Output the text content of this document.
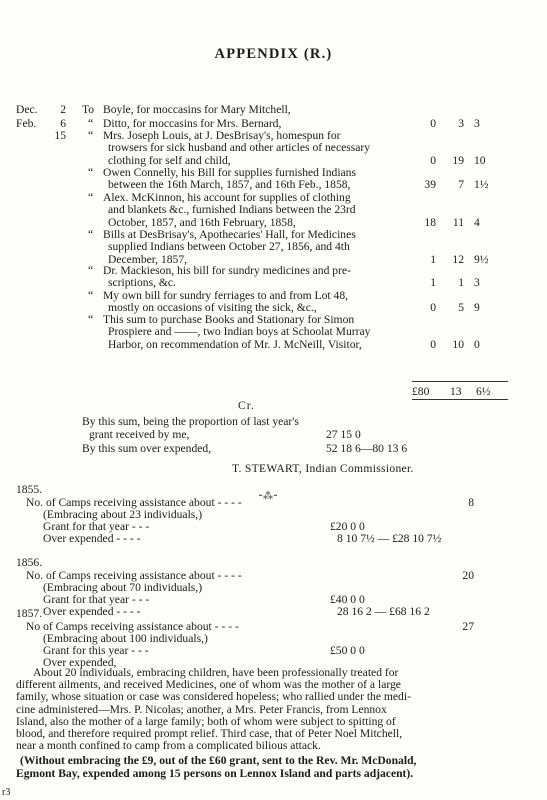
APPENDIX (R.)
Dec.	2 To Boyle, for moccasins for Mary Mitchell,
Feb.	6 “ Ditto, for moccasins for Mrs. Bernard,	0	3 3
15 “ Mrs. Joseph Louis, at J. DesBrisay's, homespun for
trowsers for sick husband and other articles of necessary
clothing for self and child,	0	19 10
“ Owen Connelly, his Bill for supplies furnished Indians
between the 16th March, 1857, and 16th Feb., 1858,	39	7 1½
“ Alex. McKinnon, his account for supplies of clothing
and blankets &c., furnished Indians between the 23rd
October, 1857, and 16th February, 1858,	18	11 4
“ Bills at DesBrisay's, Apothecaries' Hall, for Medicines
supplied Indians between October 27, 1856, and 4th
December, 1857,	1	12 9½
“ Dr. Mackieson, his bill for sundry medicines and pre-
scriptions, &c.	1	1 3
“ My own bill for sundry ferriages to and from Lot 48,
mostly on occasions of visiting the sick, &c.,	0	5 9
“ This sum to purchase Books and Stationary for Simon
Prospiere and ——, two Indian boys at Schoolat Murray
Harbor, on recommendation of Mr. J. McNeill, Visitor,	0	10 0
£80 13 6½
Cr.
By this sum, being the proportion of last year's
grant received by me,	27 15 0
By this sum over expended,	52 18 6—80 13 6
T. STEWART, Indian Commissioner.
⁃⁂⁃
1855.
No. of Camps receiving assistance about - - - -	8
(Embracing about 23 individuals,)
Grant for that year - - -	£20 0 0
Over expended - - - -	8 10 7½ — £28 10 7½
1856.
No. of Camps receiving assistance about - - - -	20
(Embracing about 70 individuals,)
Grant for that year - - -	£40 0 0
Over expended - - - -	28 16 2 — £68 16 2
1857.
No of Camps receiving assistance about - - - -	27
(Embracing about 100 individuals,)
Grant for this year - - -	£50 0 0
Over expended,
About 20 individuals, embracing children, have been professionally treated for
different ailments, and received Medicines, one of whom was the mother of a large
family, whose situation or case was considered hopeless; who rallied under the medi-
cine administered—Mrs. P. Nicolas; another, a Mrs. Peter Francis, from Lennox
Island, also the mother of a large family; both of whom were subject to spitting of
blood, and therefore required prompt relief. Third case, that of Peter Noel Mitchell,
near a month confined to camp from a complicated bilious attack.
(Without embracing the £9, out of the £60 grant, sent to the Rev. Mr. McDonald,
Egmont Bay, expended among 15 persons on Lennox Island and parts adjacent).
r3
